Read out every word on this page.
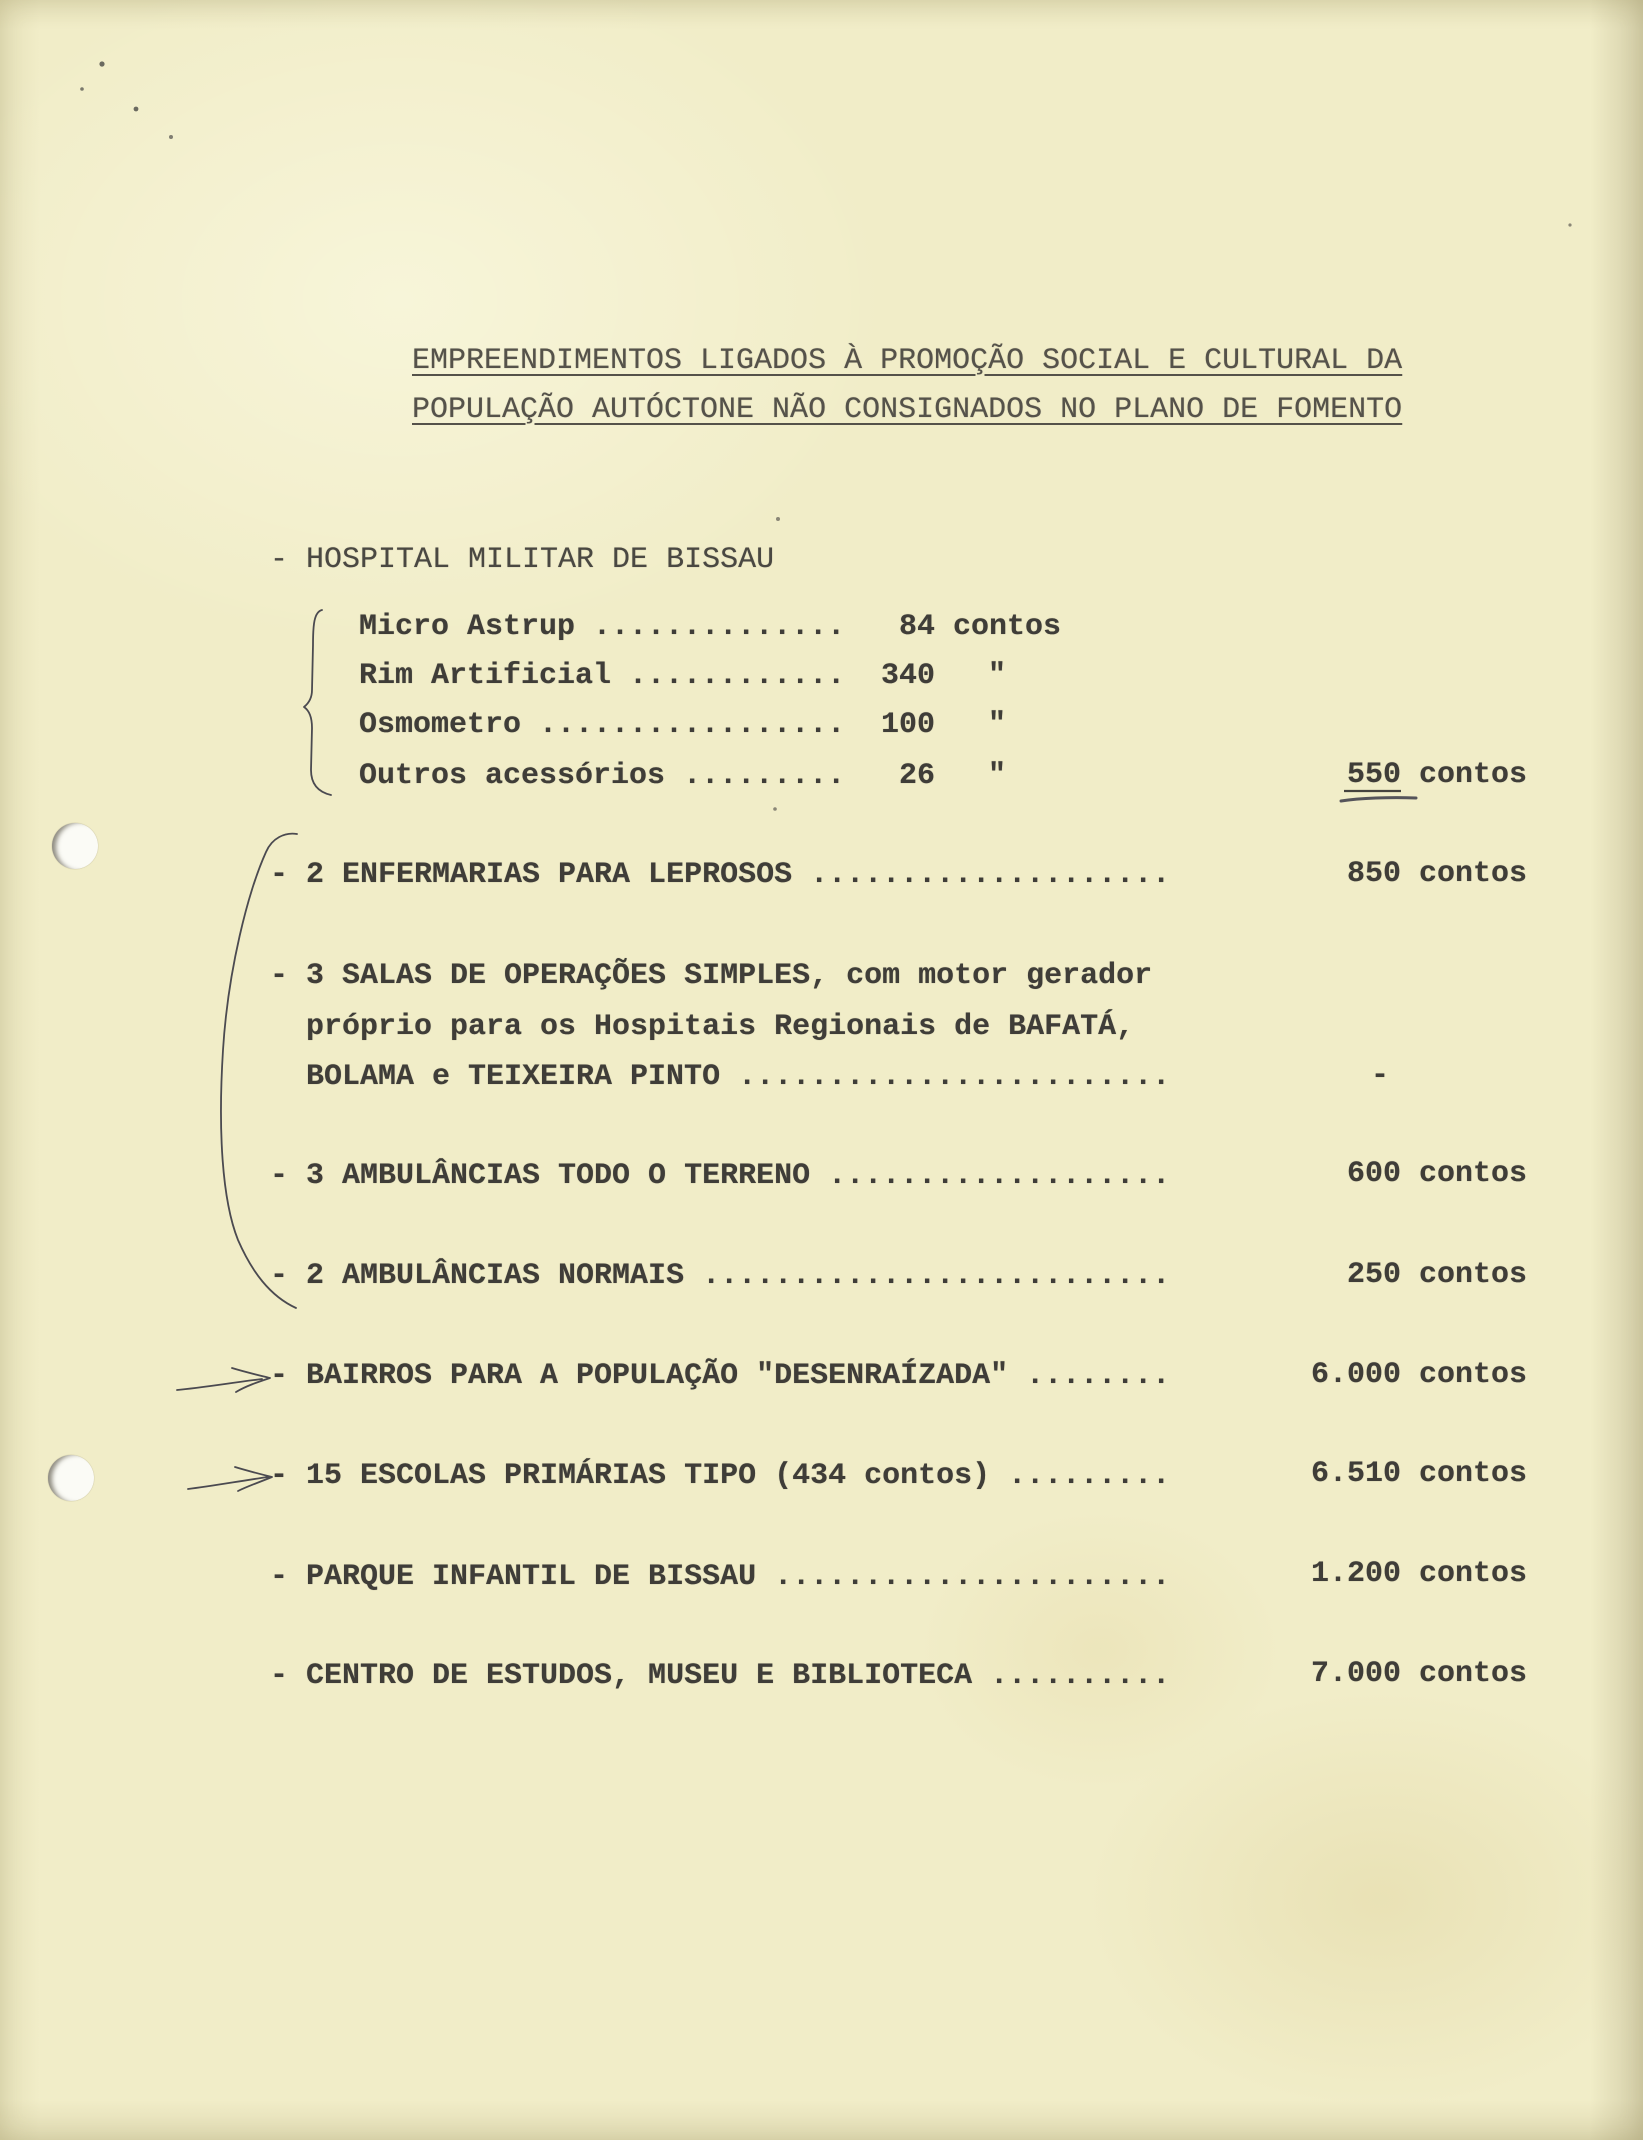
EMPREENDIMENTOS LIGADOS À PROMOÇÃO SOCIAL E CULTURAL DA
POPULAÇÃO AUTÓCTONE NÃO CONSIGNADOS NO PLANO DE FOMENTO
- HOSPITAL MILITAR DE BISSAU
Micro Astrup ..............	84 contos
Rim Artificial ............	340 "
Osmometro .................	100 "
Outros acessórios .........	26 "	550 contos
- 2 ENFERMARIAS PARA LEPROSOS ....................	850 contos
- 3 SALAS DE OPERAÇÕES SIMPLES, com motor gerador
próprio para os Hospitais Regionais de BAFATÁ,
BOLAMA e TEIXEIRA PINTO ........................	-
- 3 AMBULÂNCIAS TODO O TERRENO ...................	600 contos
- 2 AMBULÂNCIAS NORMAIS ..........................	250 contos
- BAIRROS PARA A POPULAÇÃO "DESENRAÍZADA" ........	6.000 contos
- 15 ESCOLAS PRIMÁRIAS TIPO (434 contos) .........	6.510 contos
- PARQUE INFANTIL DE BISSAU ......................	1.200 contos
- CENTRO DE ESTUDOS, MUSEU E BIBLIOTECA ..........	7.000 contos
